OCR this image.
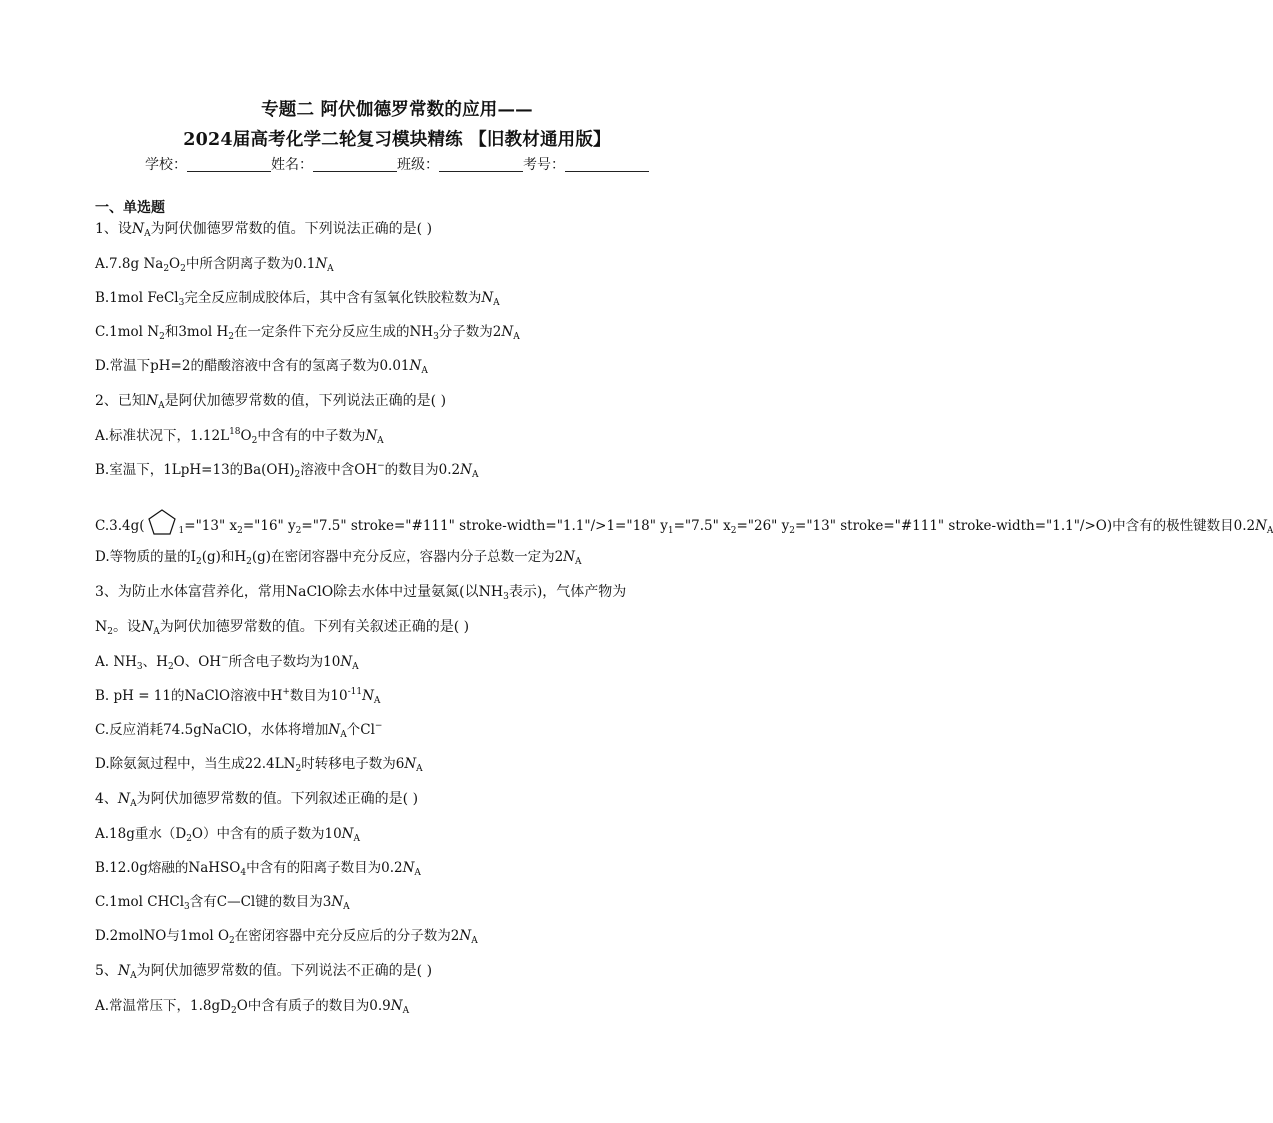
专题二 阿伏伽德罗常数的应用——
2024届高考化学二轮复习模块精练 【旧教材通用版】
学校：	姓名：	班级：	考号：
一、单选题
1、设$N_A$为阿伏伽德罗常数的值。下列说法正确的是( )
A.7.8g $Na_2O_2$中所含阴离子数为$0.1N_A$
B.1mol FeCl$_3$完全反应制成胶体后，其中含有氢氧化铁胶粒数为$N_A$
C.1mol $N_2$和3mol $H_2$在一定条件下充分反应生成的$NH_3$分子数为$2N_A$
D.常温下pH=2的醋酸溶液中含有的氢离子数为$0.01N_A$
2、已知$N_A$是阿伏加德罗常数的值，下列说法正确的是( )
A.标准状况下，$1.12L^{18}O_2$中含有的中子数为$N_A$
B.室温下，1LpH=13的$Ba(OH)_2$溶液中含OH−的数目为$0.2N_A$
C.3.4g(	$_1$="13" $x_2="16$" $y_2="7.5$" stroke="#111" stroke-width="1.1"/>1="18" $y_1="7.5$" $x_2="26$" $y_2="13$" stroke="#111" stroke-width="1.1"/>O)中含有的极性键数目$0.2N_A$
D.等物质的量的$I_2(g)$和$H_2(g)$在密闭容器中充分反应，容器内分子总数一定为$2N_A$
3、为防止水体富营养化，常用NaClO除去水体中过量氨氮(以$NH_3$表示)，气体产物为
$N_2$。设$N_A$为阿伏加德罗常数的值。下列有关叙述正确的是( )
A. $NH_3$、$H_2O$、OH−所含电子数均为$10N_A$
B. pH = 11的NaClO溶液中H+数目为$10^{-11}N_A$
C.反应消耗74.5gNaClO，水体将增加$N_A$个Cl−
D.除氨氮过程中，当生成$22.4LN_2$时转移电子数为$6N_A$
4、$N_A$为阿伏加德罗常数的值。下列叙述正确的是( )
A.18g重水$(D_2O)$中含有的质子数为$10N_A$
B.12.0g熔融的NaHSO$_4$中含有的阳离子数目为$0.2N_A$
C.1mol CHCl$_3$含有C—Cl键的数目为$3N_A$
D.2molNO与1mol $O_2$在密闭容器中充分反应后的分子数为$2N_A$
5、$N_A$为阿伏加德罗常数的值。下列说法不正确的是( )
A.常温常压下，$1.8gD_2O$中含有质子的数目为$0.9N_A$
